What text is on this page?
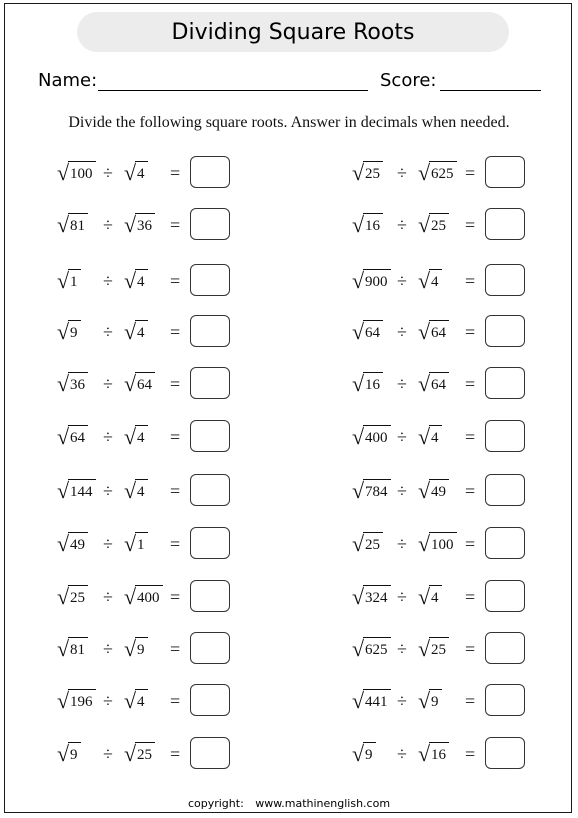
Dividing Square Roots
Name:	Score:
Divide the following square roots. Answer in decimals when needed.
√ 100 ÷ √ 4 =
√ 81 ÷ √ 36 =
√ 1 ÷ √ 4 =
√ 9 ÷ √ 4 =
√ 36 ÷ √ 64 =
√ 64 ÷ √ 4 =
√ 144 ÷ √ 4 =
√ 49 ÷ √ 1 =
√ 25 ÷ √ 400 =
√ 81 ÷ √ 9 =
√ 196 ÷ √ 4 =
√ 9 ÷ √ 25 =
√ 25 ÷ √ 625 =
√ 16 ÷ √ 25 =
√ 900 ÷ √ 4 =
√ 64 ÷ √ 64 =
√ 16 ÷ √ 64 =
√ 400 ÷ √ 4 =
√ 784 ÷ √ 49 =
√ 25 ÷ √ 100 =
√ 324 ÷ √ 4 =
√ 625 ÷ √ 25 =
√ 441 ÷ √ 9 =
√ 9 ÷ √ 16 =
copyright: www.mathinenglish.com
